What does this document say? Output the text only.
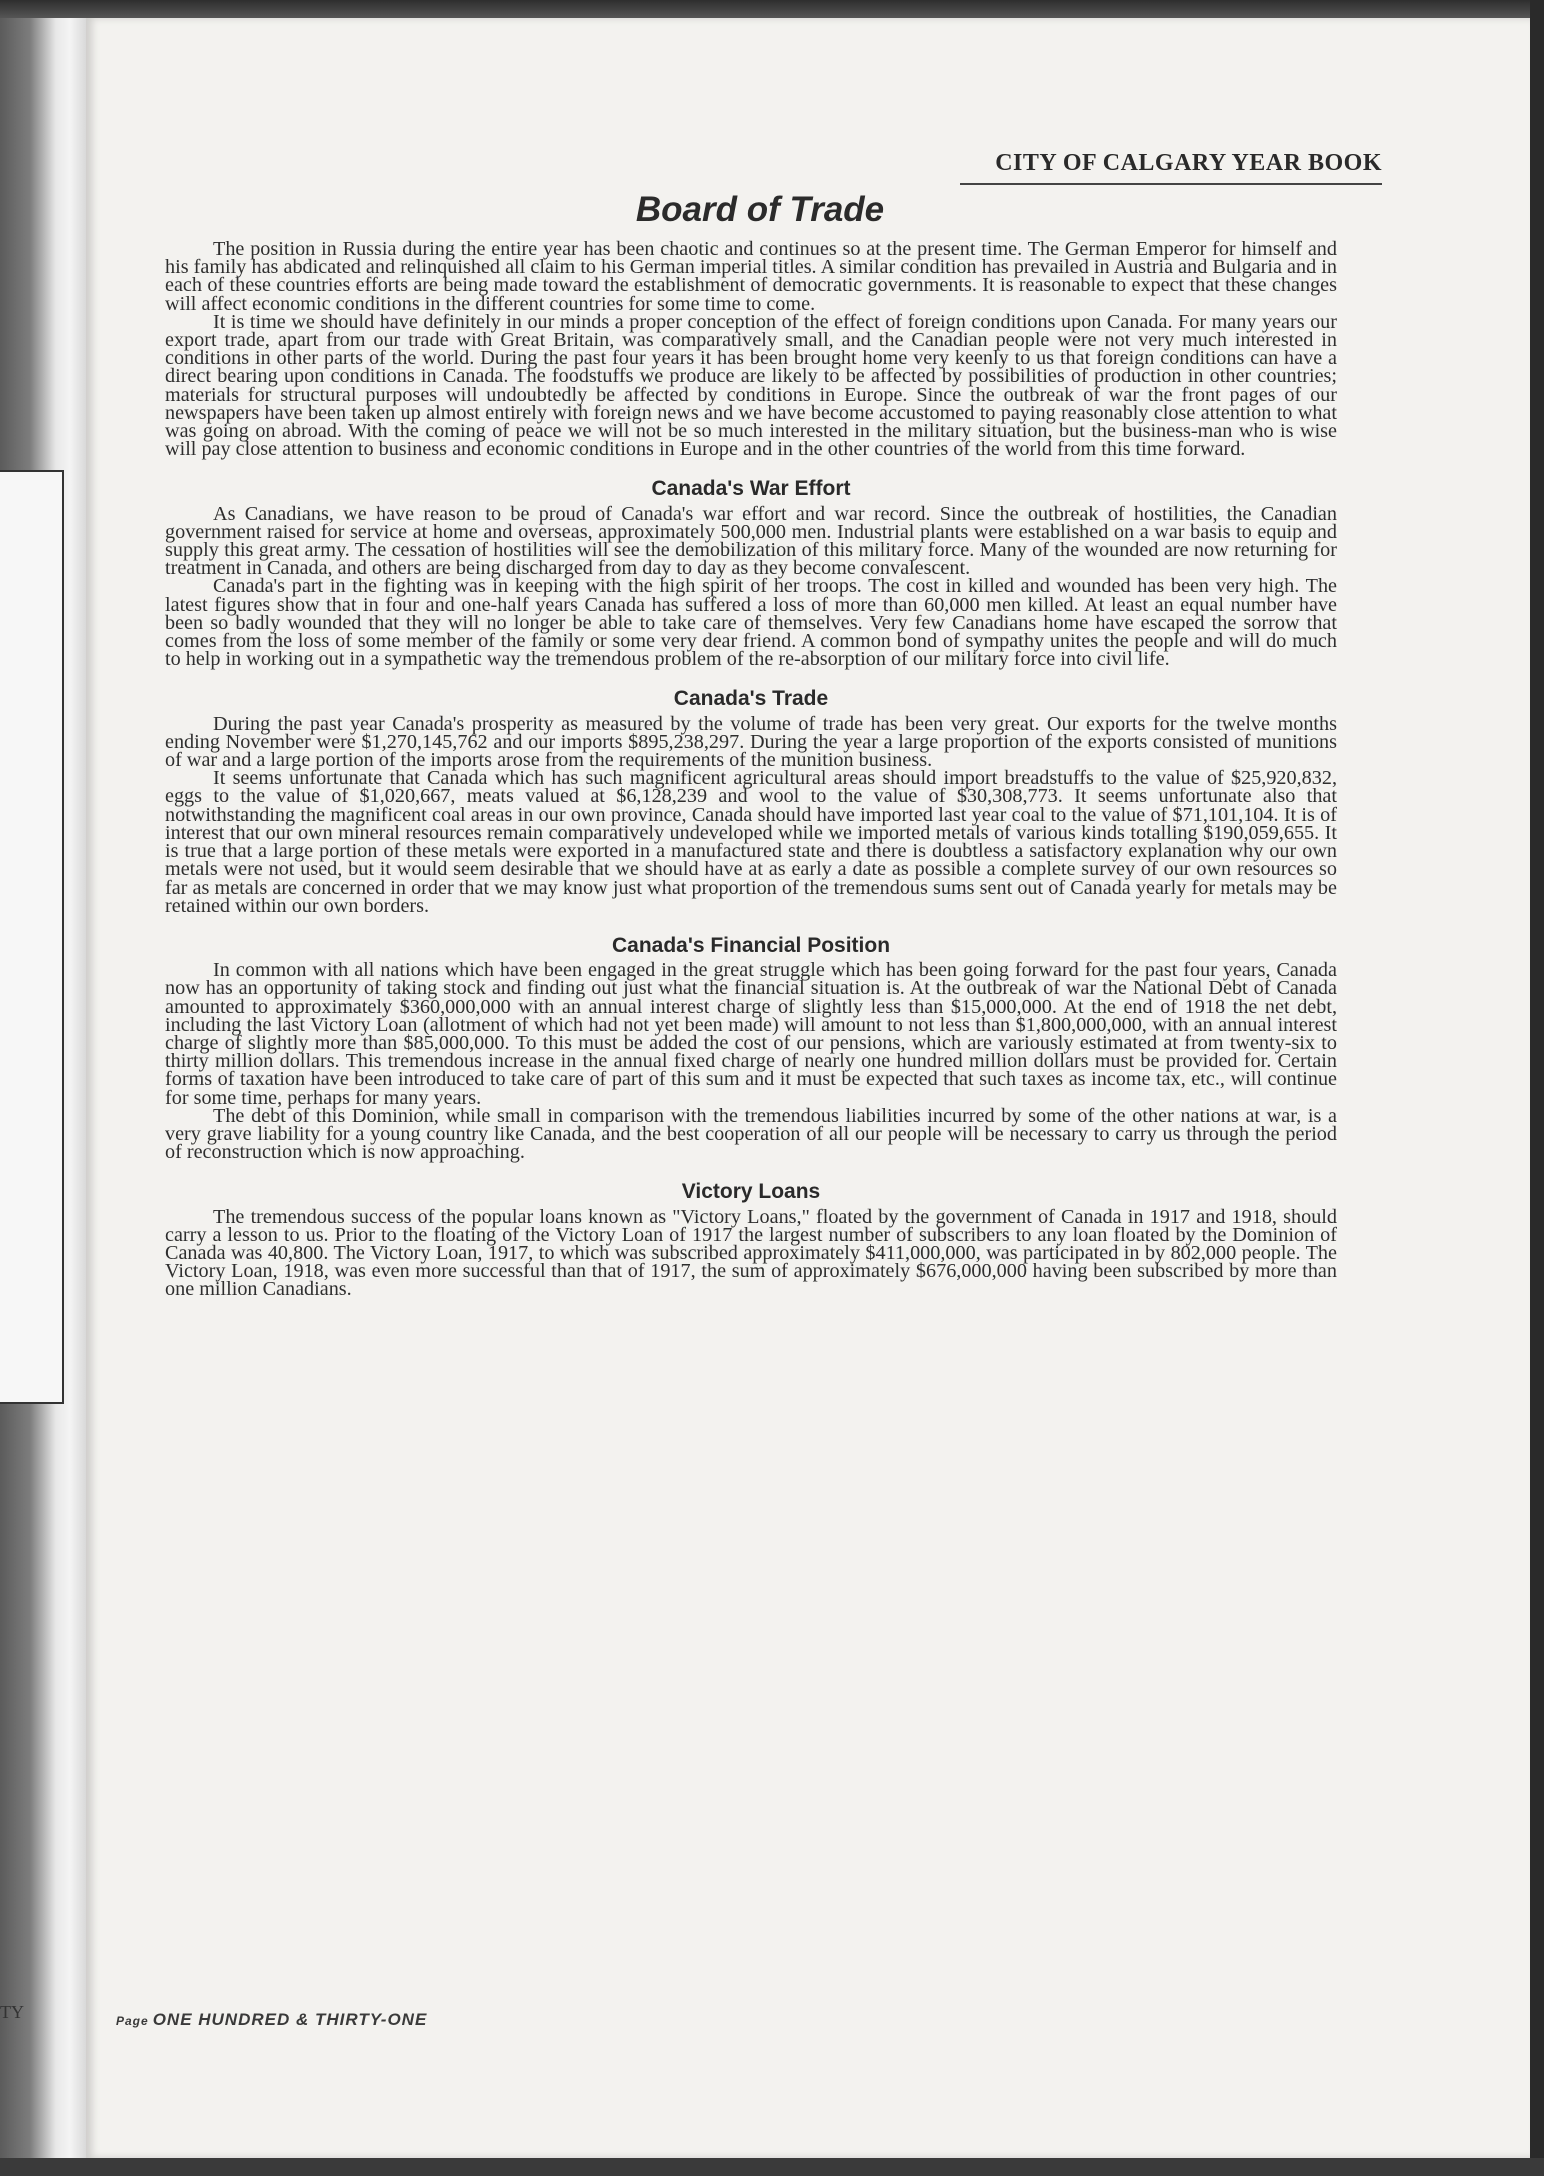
TY
CITY OF CALGARY YEAR BOOK
Board of Trade

The position in Russia during the entire year has been chaotic and continues so at the present time. The German Emperor for himself and his family has abdicated and relinquished all claim to his German imperial titles. A similar condition has prevailed in Austria and Bulgaria and in each of these countries efforts are being made toward the establishment of democratic governments. It is reasonable to expect that these changes will affect economic conditions in the different countries for some time to come.

It is time we should have definitely in our minds a proper conception of the effect of foreign conditions upon Canada. For many years our export trade, apart from our trade with Great Britain, was comparatively small, and the Canadian people were not very much interested in conditions in other parts of the world. During the past four years it has been brought home very keenly to us that foreign conditions can have a direct bearing upon conditions in Canada. The foodstuffs we produce are likely to be affected by possibilities of production in other countries; materials for structural purposes will undoubtedly be affected by conditions in Europe. Since the outbreak of war the front pages of our newspapers have been taken up almost entirely with foreign news and we have become accustomed to paying reasonably close attention to what was going on abroad. With the coming of peace we will not be so much interested in the military situation, but the business-man who is wise will pay close attention to business and economic conditions in Europe and in the other countries of the world from this time forward.

Canada's War Effort

As Canadians, we have reason to be proud of Canada's war effort and war record. Since the outbreak of hostilities, the Canadian government raised for service at home and overseas, approximately 500,000 men. Industrial plants were established on a war basis to equip and supply this great army. The cessation of hostilities will see the demobilization of this military force. Many of the wounded are now returning for treatment in Canada, and others are being discharged from day to day as they become convalescent.

Canada's part in the fighting was in keeping with the high spirit of her troops. The cost in killed and wounded has been very high. The latest figures show that in four and one-half years Canada has suffered a loss of more than 60,000 men killed. At least an equal number have been so badly wounded that they will no longer be able to take care of themselves. Very few Canadians home have escaped the sorrow that comes from the loss of some member of the family or some very dear friend. A common bond of sympathy unites the people and will do much to help in working out in a sympathetic way the tremendous problem of the re-absorption of our military force into civil life.

Canada's Trade

During the past year Canada's prosperity as measured by the volume of trade has been very great. Our exports for the twelve months ending November were $1,270,145,762 and our imports $895,238,297. During the year a large proportion of the exports consisted of munitions of war and a large portion of the imports arose from the requirements of the munition business.

It seems unfortunate that Canada which has such magnificent agricultural areas should import breadstuffs to the value of $25,920,832, eggs to the value of $1,020,667, meats valued at $6,128,239 and wool to the value of $30,308,773. It seems unfortunate also that notwithstanding the magnificent coal areas in our own province, Canada should have imported last year coal to the value of $71,101,104. It is of interest that our own mineral resources remain comparatively undeveloped while we imported metals of various kinds totalling $190,059,655. It is true that a large portion of these metals were exported in a manufactured state and there is doubtless a satisfactory explanation why our own metals were not used, but it would seem desirable that we should have at as early a date as possible a complete survey of our own resources so far as metals are concerned in order that we may know just what proportion of the tremendous sums sent out of Canada yearly for metals may be retained within our own borders.

Canada's Financial Position

In common with all nations which have been engaged in the great struggle which has been going forward for the past four years, Canada now has an opportunity of taking stock and finding out just what the financial situation is. At the outbreak of war the National Debt of Canada amounted to approximately $360,000,000 with an annual interest charge of slightly less than $15,000,000. At the end of 1918 the net debt, including the last Victory Loan (allotment of which had not yet been made) will amount to not less than $1,800,000,000, with an annual interest charge of slightly more than $85,000,000. To this must be added the cost of our pensions, which are variously estimated at from twenty-six to thirty million dollars. This tremendous increase in the annual fixed charge of nearly one hundred million dollars must be provided for. Certain forms of taxation have been introduced to take care of part of this sum and it must be expected that such taxes as income tax, etc., will continue for some time, perhaps for many years.

The debt of this Dominion, while small in comparison with the tremendous liabilities incurred by some of the other nations at war, is a very grave liability for a young country like Canada, and the best cooperation of all our people will be necessary to carry us through the period of reconstruction which is now approaching.

Victory Loans

The tremendous success of the popular loans known as "Victory Loans," floated by the government of Canada in 1917 and 1918, should carry a lesson to us. Prior to the floating of the Victory Loan of 1917 the largest number of subscribers to any loan floated by the Dominion of Canada was 40,800. The Victory Loan, 1917, to which was subscribed approximately $411,000,000, was participated in by 802,000 people. The Victory Loan, 1918, was even more successful than that of 1917, the sum of approximately $676,000,000 having been subscribed by more than one million Canadians.

Page ONE HUNDRED & THIRTY-ONE
